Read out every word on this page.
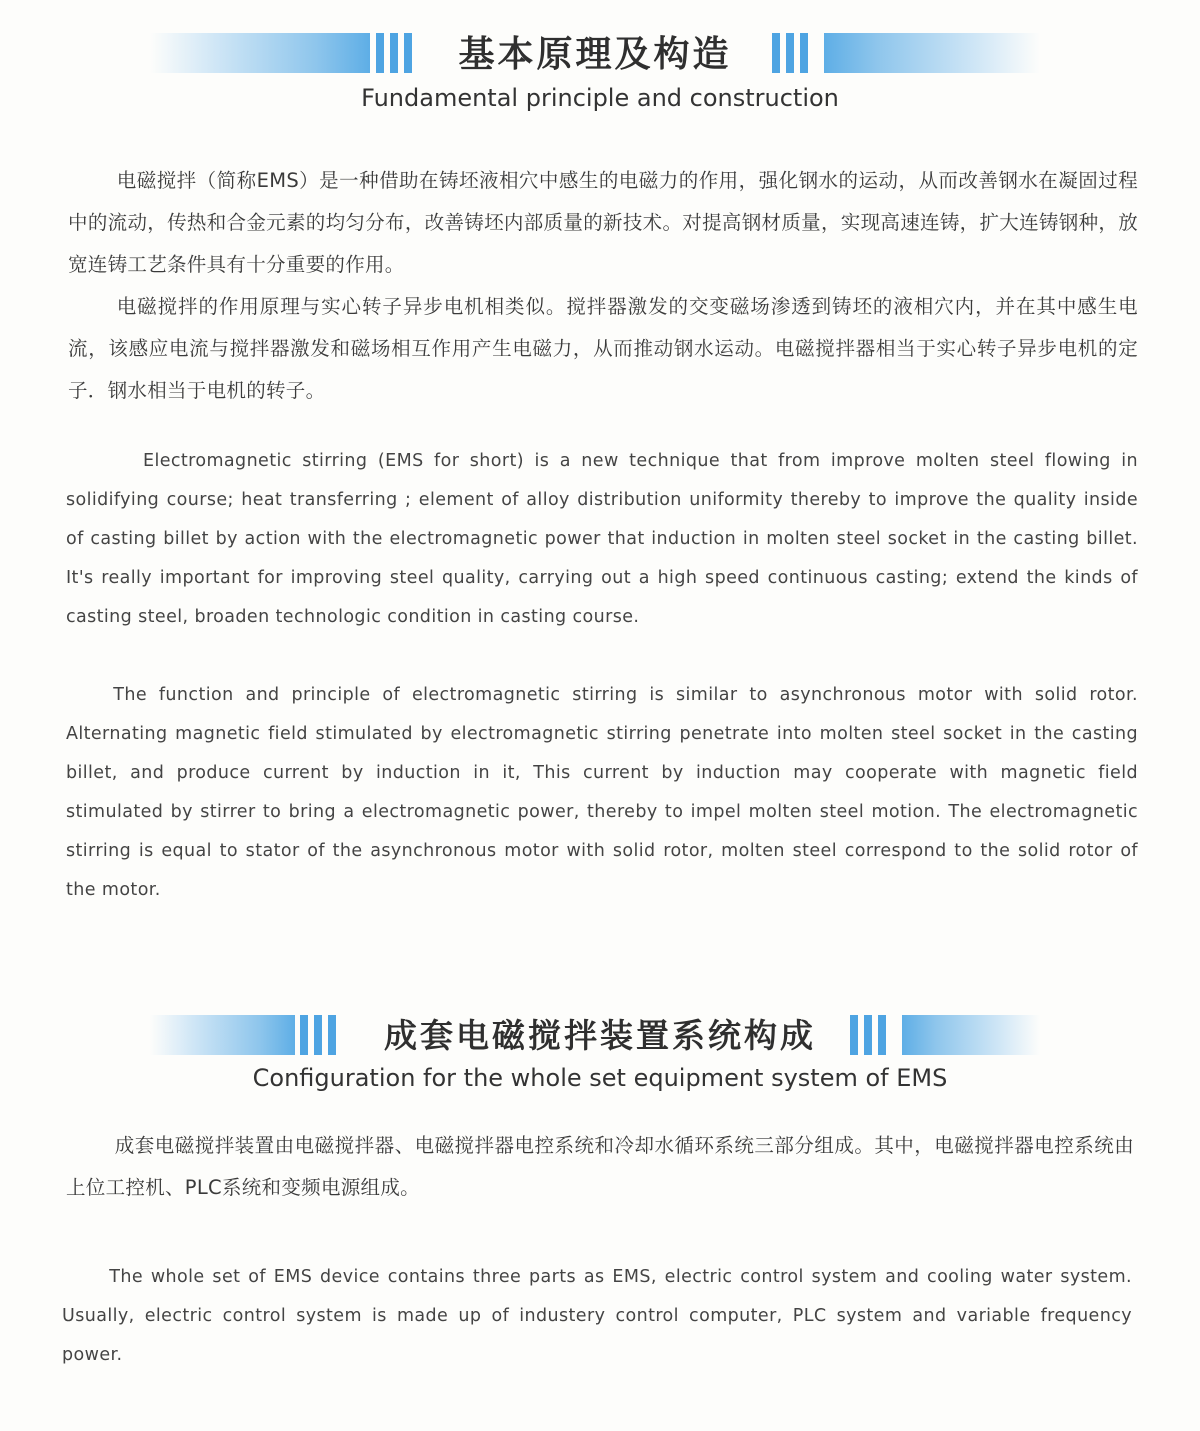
基本原理及构造
Fundamental principle and construction

电磁搅拌（简称EMS）是一种借助在铸坯液相穴中感生的电磁力的作用，强化钢水的运动，从而改善钢水在凝固过程中的流动，传热和合金元素的均匀分布，改善铸坯内部质量的新技术。对提高钢材质量，实现高速连铸，扩大连铸钢种，放宽连铸工艺条件具有十分重要的作用。

电磁搅拌的作用原理与实心转子异步电机相类似。搅拌器激发的交变磁场渗透到铸坯的液相穴内，并在其中感生电流，该感应电流与搅拌器激发和磁场相互作用产生电磁力，从而推动钢水运动。电磁搅拌器相当于实心转子异步电机的定子．钢水相当于电机的转子。

Electromagnetic stirring (EMS for short) is a new technique that from improve molten steel flowing in solidifying course; heat transferring ; element of alloy distribution uniformity thereby to improve the quality inside of casting billet by action with the electromagnetic power that induction in molten steel socket in the casting billet. It's really important for improving steel quality, carrying out a high speed continuous casting; extend the kinds of casting steel, broaden technologic condition in casting course.

The function and principle of electromagnetic stirring is similar to asynchronous motor with solid rotor. Alternating magnetic field stimulated by electromagnetic stirring penetrate into molten steel socket in the casting billet, and produce current by induction in it, This current by induction may cooperate with magnetic field stimulated by stirrer to bring a electromagnetic power, thereby to impel molten steel motion. The electromagnetic stirring is equal to stator of the asynchronous motor with solid rotor, molten steel correspond to the solid rotor of the motor.

成套电磁搅拌装置系统构成
Configuration for the whole set equipment system of EMS

成套电磁搅拌装置由电磁搅拌器、电磁搅拌器电控系统和冷却水循环系统三部分组成。其中，电磁搅拌器电控系统由上位工控机、PLC系统和变频电源组成。

The whole set of EMS device contains three parts as EMS, electric control system and cooling water system. Usually, electric control system is made up of industery control computer, PLC system and variable frequency power.
